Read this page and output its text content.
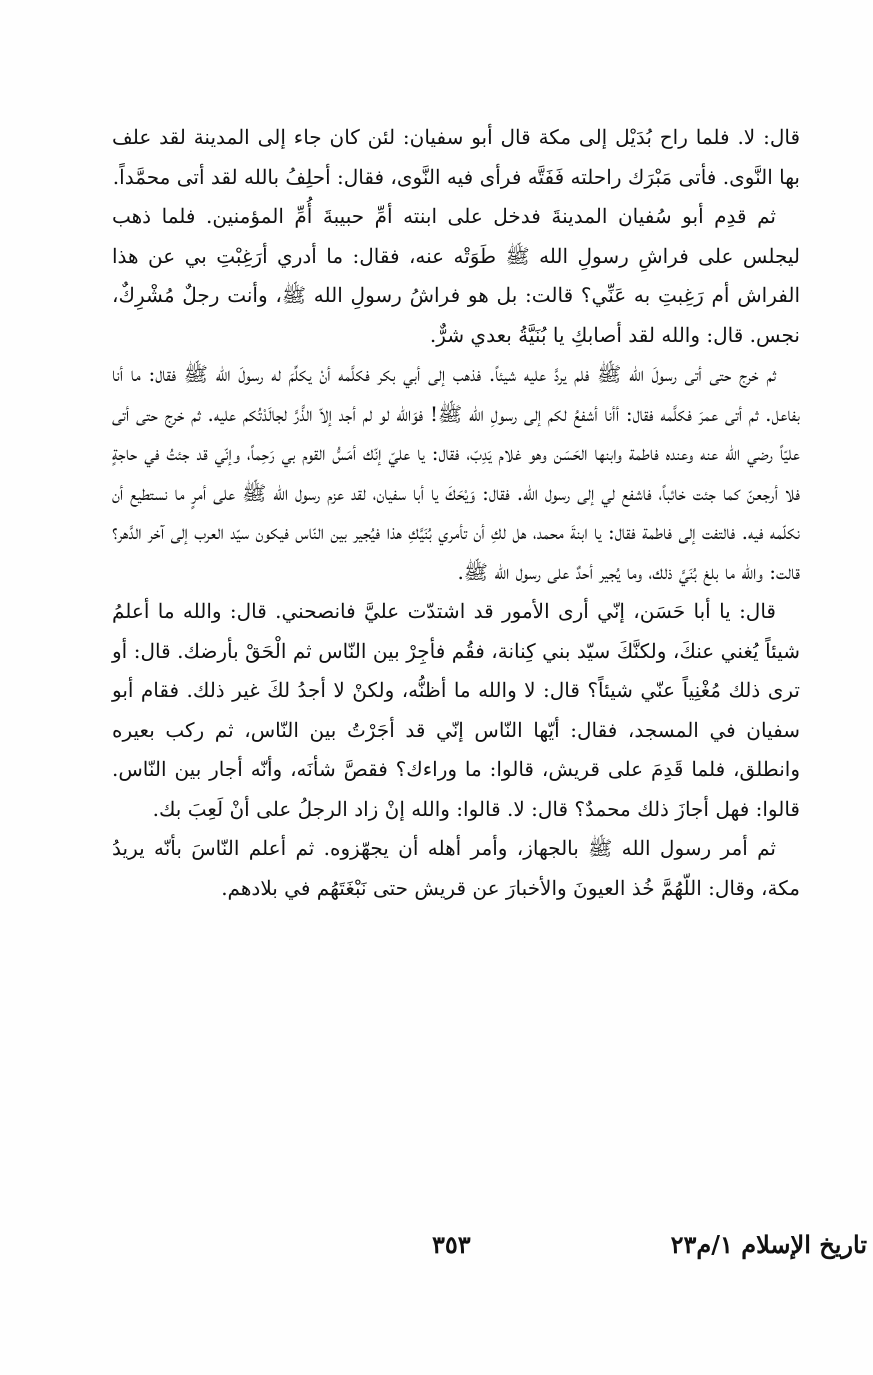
قال: لا. فلما راح بُدَيْل إلى مكة قال أبو سفيان: لئن كان جاء إلى المدينة لقد علف بها النَّوى. فأتى مَبْرَك راحلته فَفَتَّه فرأى فيه النَّوى، فقال: أحلِفُ بالله لقد أتى محمَّداً.

ثم قدِم أبو سُفيان المدينةَ فدخل على ابنته أمِّ حبيبةَ أُمِّ المؤمنين. فلما ذهب ليجلس على فراشِ رسولِ الله ﷺ طَوَتْه عنه، فقال: ما أدري أرَغِبْتِ بي عن هذا الفراش أم رَغِبتِ به عَنِّي؟ قالت: بل هو فراشُ رسولِ الله ﷺ، وأنت رجلٌ مُشْرِكٌ، نجس. قال: والله لقد أصابكِ يا بُنَيَّةُ بعدي شرٌّ.

ثم خرج حتى أتى رسولَ الله ﷺ فلم يردَّ عليه شيئاً. فذهب إلى أبي بكر فكلَّمه أنْ يكلِّمَ له رسولَ الله ﷺ فقال: ما أنا بفاعل. ثم أتى عمرَ فكلَّمه فقال: أأنا أشفعُ لكم إلى رسولِ الله ﷺ! فوَالله لو لم أجد إلاّ الذَّرَّ لجالَدْتُكم عليه. ثم خرج حتى أتى عليّاً رضي الله عنه وعنده فاطمة وابنها الحَسَن وهو غلام يَدِبّ، فقال: يا عليّ إنّك أمَسُّ القوم بي رَحِماً، وإنّي قد جئتُ في حاجةٍ فلا أرجعنّ كما جئت خائباً، فاشفع لي إلى رسول الله. فقال: وَيْحَكَ يا أبا سفيان، لقد عزم رسول الله ﷺ على أمرٍ ما نستطيع أن نكلّمه فيه. فالتفت إلى فاطمة فقال: يا ابنةَ محمد، هل لكِ أن تأمري بُنَيَّكِ هذا فيُجير بين النّاس فيكون سيّد العرب إلى آخر الدَّهر؟ قالت: والله ما بلغ بُنَيَّ ذلك، وما يُجير أحدٌ على رسول الله ﷺ.

قال: يا أبا حَسَن، إنّي أرى الأمور قد اشتدّت عليَّ فانصحني. قال: والله ما أعلمُ شيئاً يُغني عنكَ، ولكنَّكَ سيّد بني كِنانة، فقُم فأجِرْ بين النّاس ثم الْحَقْ بأرضك. قال: أو ترى ذلك مُغْنِياً عنّي شيئاً؟ قال: لا والله ما أظنُّه، ولكنْ لا أجدُ لكَ غير ذلك. فقام أبو سفيان في المسجد، فقال: أيّها النّاس إنّي قد أجَرْتُ بين النّاس، ثم ركب بعيره وانطلق، فلما قَدِمَ على قريش، قالوا: ما وراءك؟ فقصَّ شأنَه، وأنّه أجار بين النّاس. قالوا: فهل أجازَ ذلك محمدٌ؟ قال: لا. قالوا: والله إنْ زاد الرجلُ على أنْ لَعِبَ بك.

ثم أمر رسول الله ﷺ بالجهاز، وأمر أهله أن يجهّزوه. ثم أعلم النّاسَ بأنّه يريدُ مكة، وقال: اللّهُمَّ خُذ العيونَ والأخبارَ عن قريش حتى نَبْغَتَهُم في بلادهم.

تاريخ الإسلام ١/م٢٣
٣٥٣
